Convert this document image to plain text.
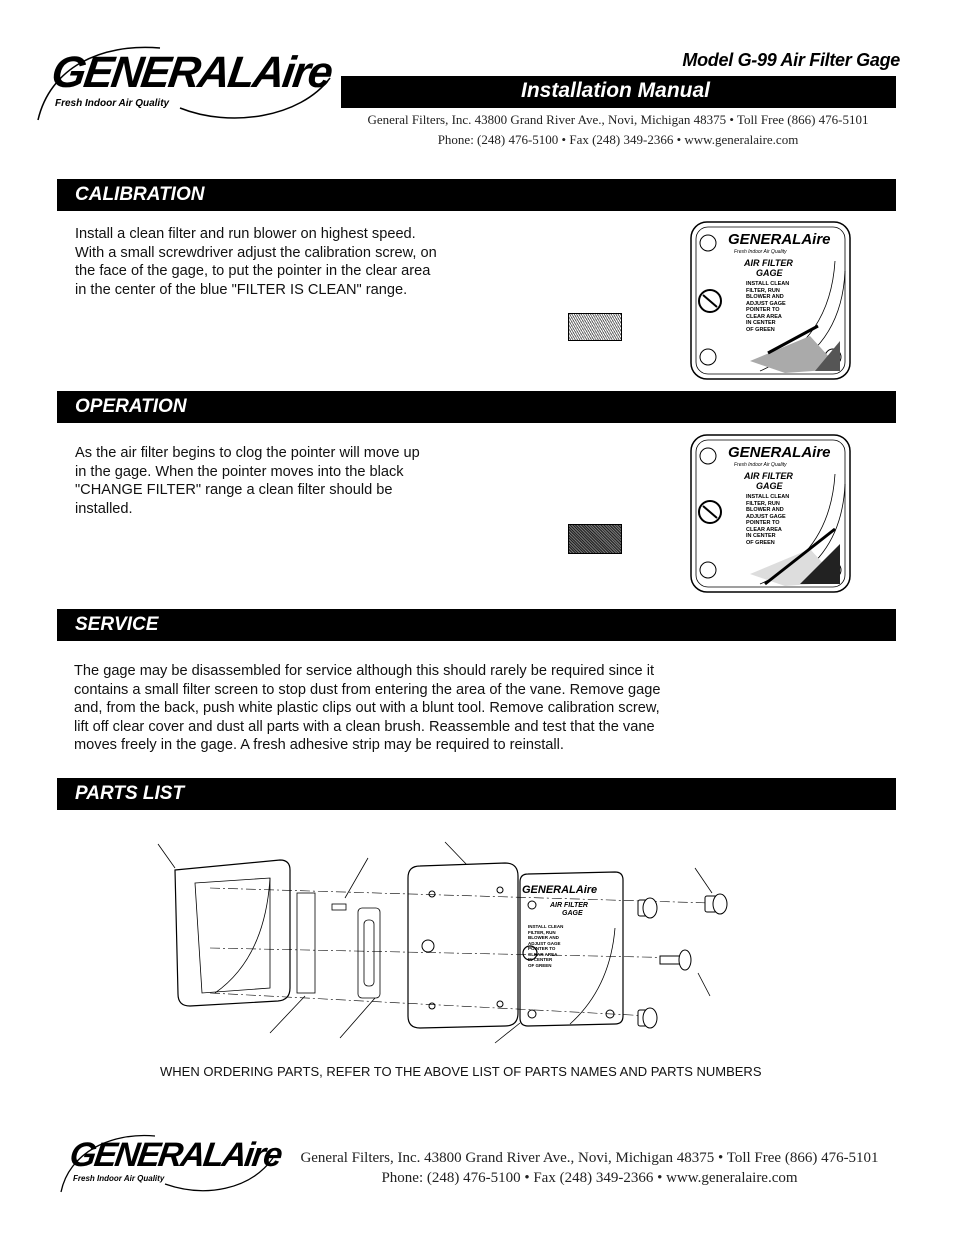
GENERALAire
Fresh Indoor Air Quality
Model G-99 Air Filter Gage
Installation Manual
General Filters, Inc. 43800 Grand River Ave., Novi, Michigan 48375 • Toll Free (866) 476-5101
Phone: (248) 476-5100 • Fax (248) 349-2366 • www.generalaire.com
CALIBRATION
Install a clean filter and run blower on highest speed.
With a small screwdriver adjust the calibration screw, on
the face of the gage, to put the pointer in the clear area
in the center of the blue "FILTER IS CLEAN" range.
GENERALAire
Fresh Indoor Air Quality
AIR FILTER
GAGE
INSTALL CLEAN
FILTER, RUN
BLOWER AND
ADJUST GAGE
POINTER TO
CLEAR AREA
IN CENTER
OF GREEN
OPERATION
As the air filter begins to clog the pointer will move up
in the gage. When the pointer moves into the black
"CHANGE FILTER" range a clean filter should be
installed.
GENERALAire
Fresh Indoor Air Quality
AIR FILTER
GAGE
INSTALL CLEAN
FILTER, RUN
BLOWER AND
ADJUST GAGE
POINTER TO
CLEAR AREA
IN CENTER
OF GREEN
SERVICE
The gage may be disassembled for service although this should rarely be required since it
contains a small filter screen to stop dust from entering the area of the vane. Remove gage
and, from the back, push white plastic clips out with a blunt tool. Remove calibration screw,
lift off clear cover and dust all parts with a clean brush. Reassemble and test that the vane
moves freely in the gage. A fresh adhesive strip may be required to reinstall.
PARTS LIST
GENERALAire
AIR FILTER
GAGE
INSTALL CLEAN
FILTER, RUN
BLOWER AND
ADJUST GAGE
POINTER TO
CLEAR AREA
IN CENTER
OF GREEN
WHEN ORDERING PARTS, REFER TO THE ABOVE LIST OF PARTS NAMES AND PARTS NUMBERS
GENERALAire
Fresh Indoor Air Quality
General Filters, Inc. 43800 Grand River Ave., Novi, Michigan 48375 • Toll Free (866) 476-5101
Phone: (248) 476-5100 • Fax (248) 349-2366 • www.generalaire.com
